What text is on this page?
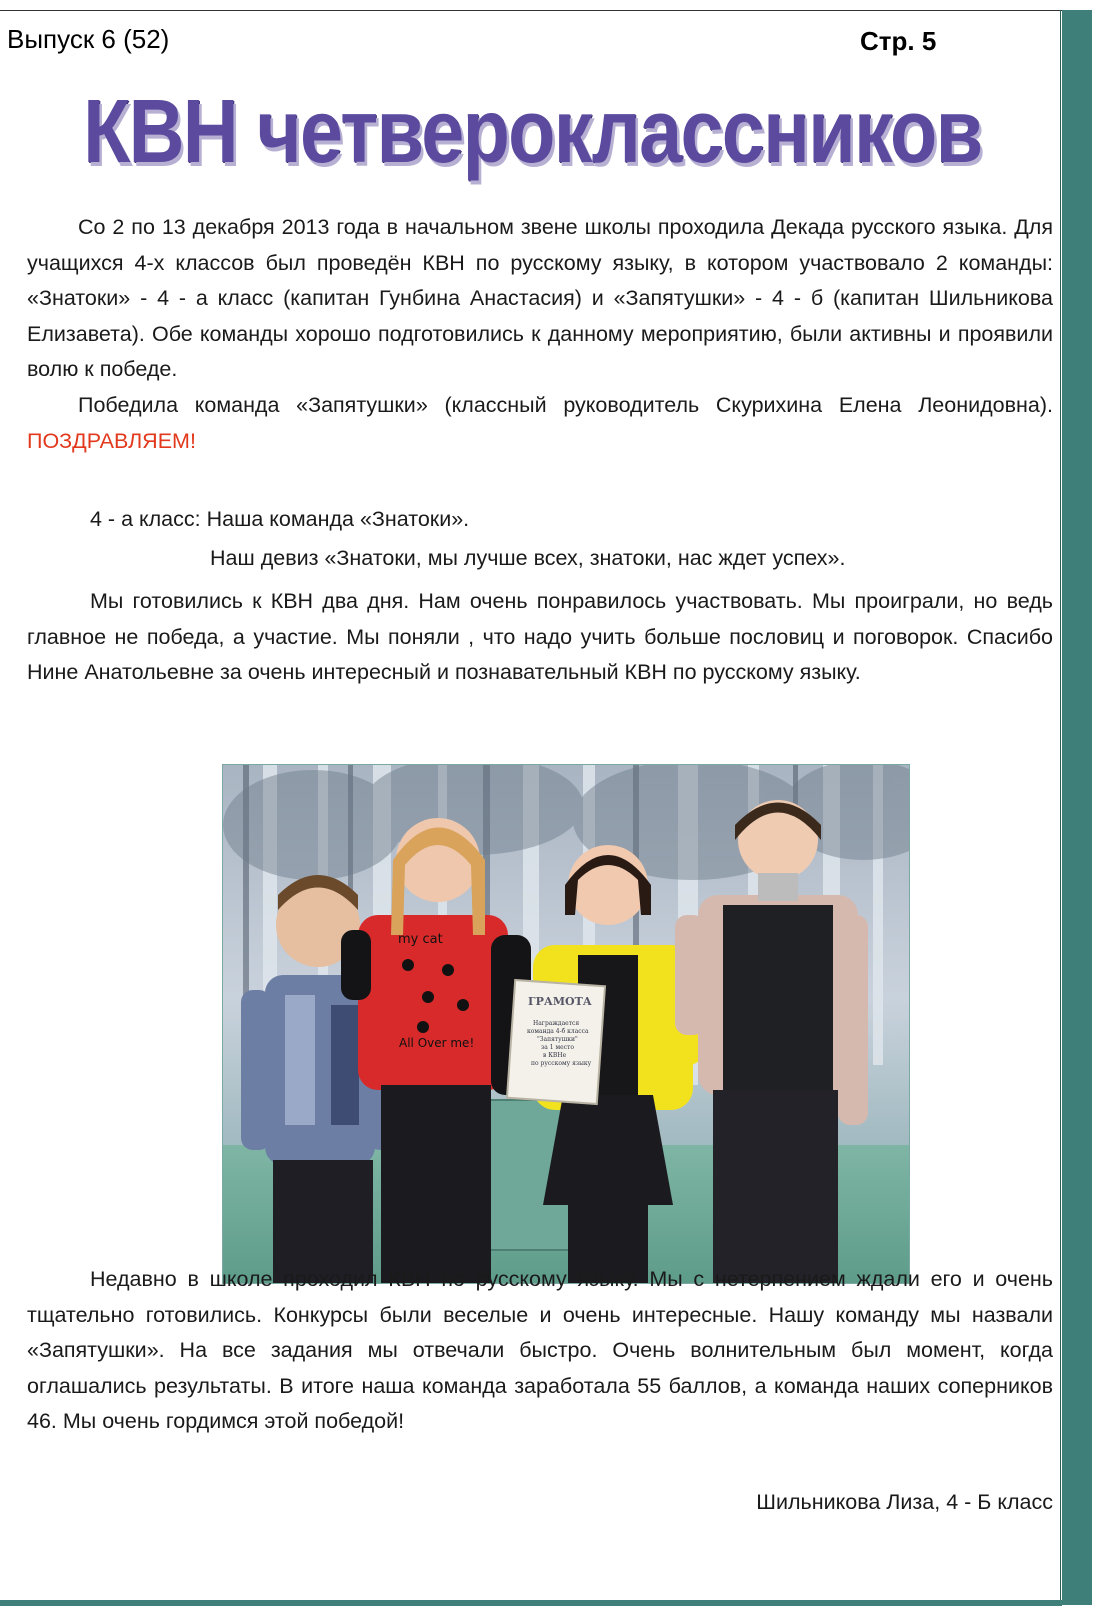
Выпуск 6 (52)	Стр. 5
КВН четвероклассников

Со 2 по 13 декабря 2013 года в начальном звене школы проходила Декада русского языка. Для учащихся 4-х классов был проведён КВН по русскому языку, в котором участвовало 2 команды: «Знатоки» - 4 - а класс (капитан Гунбина Анастасия) и «Запятушки» - 4 - б (капитан Шильникова Елизавета). Обе команды хорошо подготовились к данному мероприятию, были активны и проявили волю к победе.

Победила команда «Запятушки» (классный руководитель Скурихина Елена Леонидовна). ПОЗДРАВЛЯЕМ!

4 - а класс: Наша команда «Знатоки».
Наш девиз «Знатоки, мы лучше всех, знатоки, нас ждет успех».

Мы готовились к КВН два дня. Нам очень понравилось участвовать. Мы проиграли, но ведь главное не победа, а участие. Мы поняли , что надо учить больше пословиц и поговорок. Спасибо Нине Анатольевне за очень интересный и познавательный КВН по русскому языку.

my cat
All Over me!
ГРАМОТА
Награждается
команда 4-б класса
"Запятушки"
за 1 место
в КВНе
по русскому языку

Недавно в школе проходил КВН по русскому языку. Мы с нетерпением ждали его и очень тщательно готовились. Конкурсы были веселые и очень интересные. Нашу команду мы назвали «Запятушки». На все задания мы отвечали быстро. Очень волнительным был момент, когда оглашались результаты. В итоге наша команда заработала 55 баллов, а команда наших соперников 46. Мы очень гордимся этой победой!

Шильникова Лиза, 4 - Б класс
